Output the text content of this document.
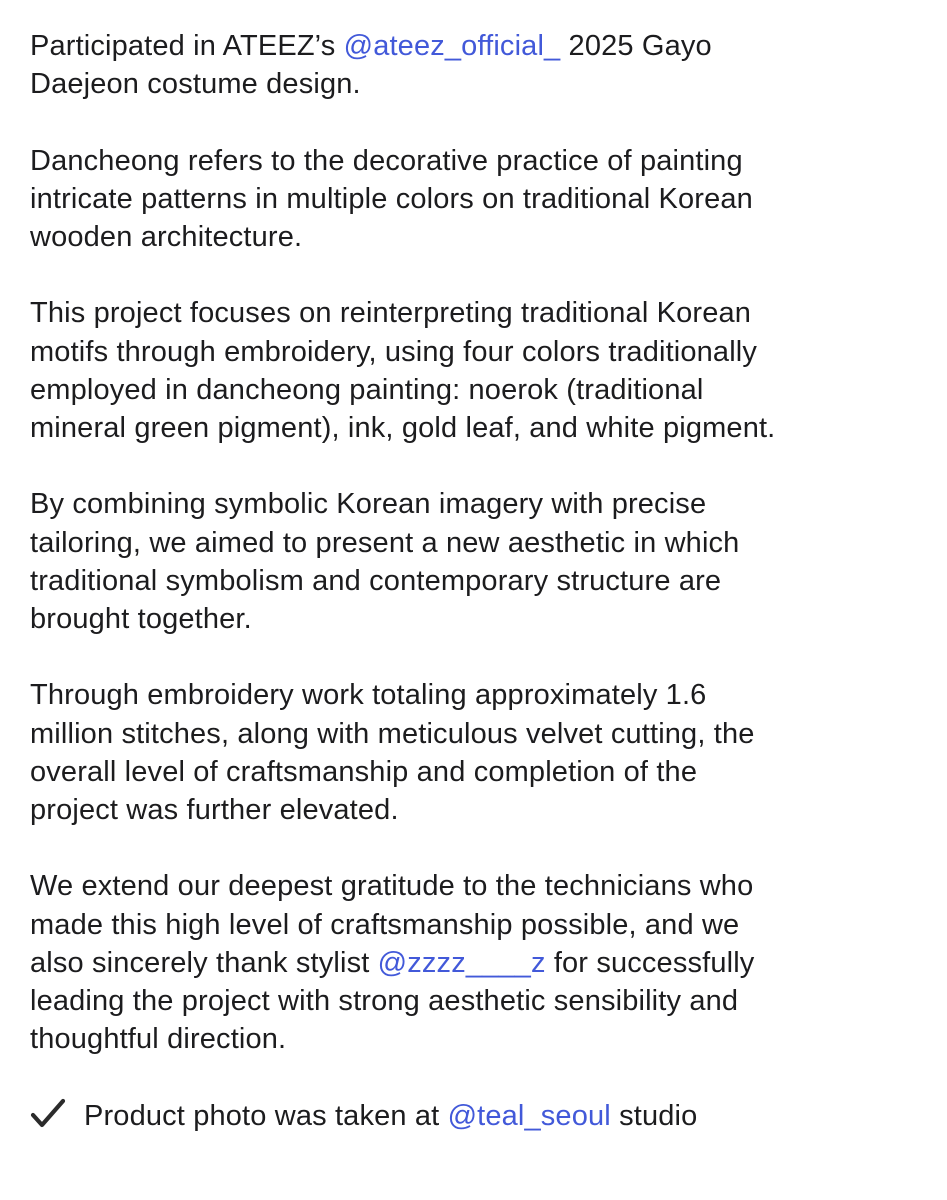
Participated in ATEEZ’s @ateez_official_ 2025 Gayo
Daejeon costume design.

Dancheong refers to the decorative practice of painting
intricate patterns in multiple colors on traditional Korean
wooden architecture.

This project focuses on reinterpreting traditional Korean
motifs through embroidery, using four colors traditionally
employed in dancheong painting: noerok (traditional
mineral green pigment), ink, gold leaf, and white pigment.

By combining symbolic Korean imagery with precise
tailoring, we aimed to present a new aesthetic in which
traditional symbolism and contemporary structure are
brought together.

Through embroidery work totaling approximately 1.6
million stitches, along with meticulous velvet cutting, the
overall level of craftsmanship and completion of the
project was further elevated.

We extend our deepest gratitude to the technicians who
made this high level of craftsmanship possible, and we
also sincerely thank stylist @zzzz____z for successfully
leading the project with strong aesthetic sensibility and
thoughtful direction.

Product photo was taken at @teal_seoul studio
